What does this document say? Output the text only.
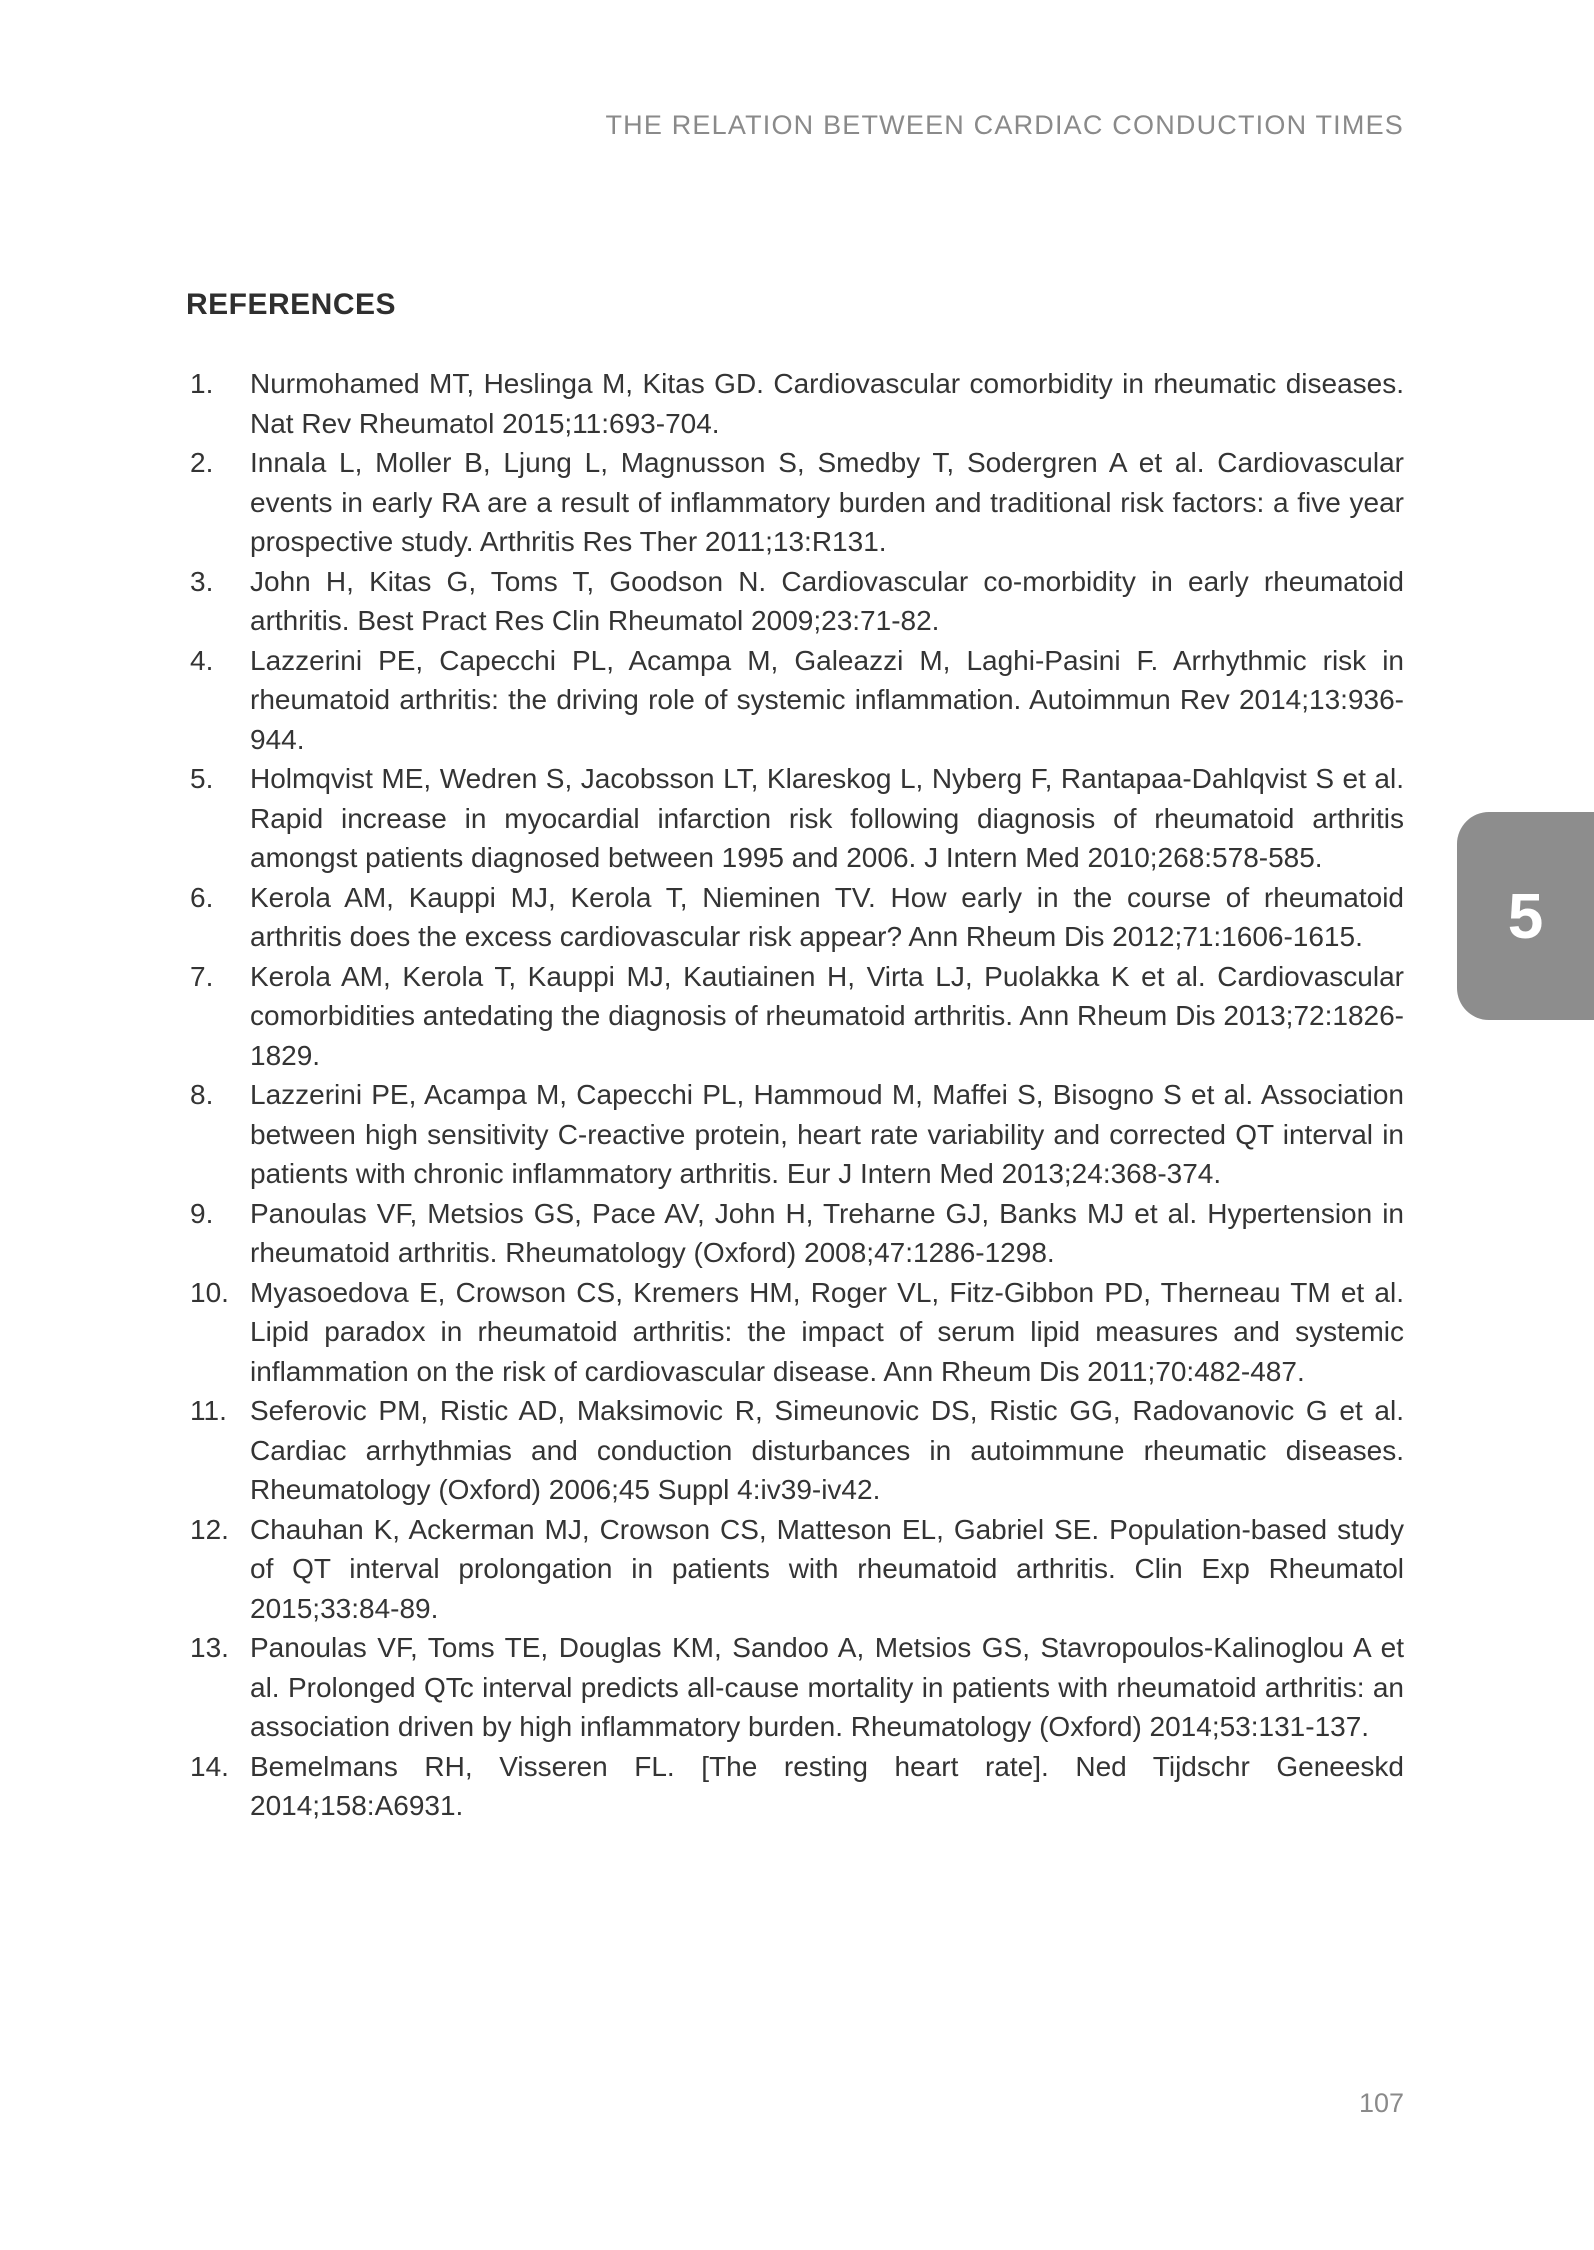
THE RELATION BETWEEN CARDIAC CONDUCTION TIMES
REFERENCES
1. Nurmohamed MT, Heslinga M, Kitas GD. Cardiovascular comorbidity in rheumatic diseases. Nat Rev Rheumatol 2015;11:693-704.
2. Innala L, Moller B, Ljung L, Magnusson S, Smedby T, Sodergren A et al. Cardiovascular events in early RA are a result of inflammatory burden and traditional risk factors: a five year prospective study. Arthritis Res Ther 2011;13:R131.
3. John H, Kitas G, Toms T, Goodson N. Cardiovascular co-morbidity in early rheumatoid arthritis. Best Pract Res Clin Rheumatol 2009;23:71-82.
4. Lazzerini PE, Capecchi PL, Acampa M, Galeazzi M, Laghi-Pasini F. Arrhythmic risk in rheumatoid arthritis: the driving role of systemic inflammation. Autoimmun Rev 2014;13:936-944.
5. Holmqvist ME, Wedren S, Jacobsson LT, Klareskog L, Nyberg F, Rantapaa-Dahlqvist S et al. Rapid increase in myocardial infarction risk following diagnosis of rheumatoid arthritis amongst patients diagnosed between 1995 and 2006. J Intern Med 2010;268:578-585.
6. Kerola AM, Kauppi MJ, Kerola T, Nieminen TV. How early in the course of rheumatoid arthritis does the excess cardiovascular risk appear? Ann Rheum Dis 2012;71:1606-1615.
7. Kerola AM, Kerola T, Kauppi MJ, Kautiainen H, Virta LJ, Puolakka K et al. Cardiovascular comorbidities antedating the diagnosis of rheumatoid arthritis. Ann Rheum Dis 2013;72:1826-1829.
8. Lazzerini PE, Acampa M, Capecchi PL, Hammoud M, Maffei S, Bisogno S et al. Association between high sensitivity C-reactive protein, heart rate variability and corrected QT interval in patients with chronic inflammatory arthritis. Eur J Intern Med 2013;24:368-374.
9. Panoulas VF, Metsios GS, Pace AV, John H, Treharne GJ, Banks MJ et al. Hypertension in rheumatoid arthritis. Rheumatology (Oxford) 2008;47:1286-1298.
10. Myasoedova E, Crowson CS, Kremers HM, Roger VL, Fitz-Gibbon PD, Therneau TM et al. Lipid paradox in rheumatoid arthritis: the impact of serum lipid measures and systemic inflammation on the risk of cardiovascular disease. Ann Rheum Dis 2011;70:482-487.
11. Seferovic PM, Ristic AD, Maksimovic R, Simeunovic DS, Ristic GG, Radovanovic G et al. Cardiac arrhythmias and conduction disturbances in autoimmune rheumatic diseases. Rheumatology (Oxford) 2006;45 Suppl 4:iv39-iv42.
12. Chauhan K, Ackerman MJ, Crowson CS, Matteson EL, Gabriel SE. Population-based study of QT interval prolongation in patients with rheumatoid arthritis. Clin Exp Rheumatol 2015;33:84-89.
13. Panoulas VF, Toms TE, Douglas KM, Sandoo A, Metsios GS, Stavropoulos-Kalinoglou A et al. Prolonged QTc interval predicts all-cause mortality in patients with rheumatoid arthritis: an association driven by high inflammatory burden. Rheumatology (Oxford) 2014;53:131-137.
14. Bemelmans RH, Visseren FL. [The resting heart rate]. Ned Tijdschr Geneeskd 2014;158:A6931.
5
107
